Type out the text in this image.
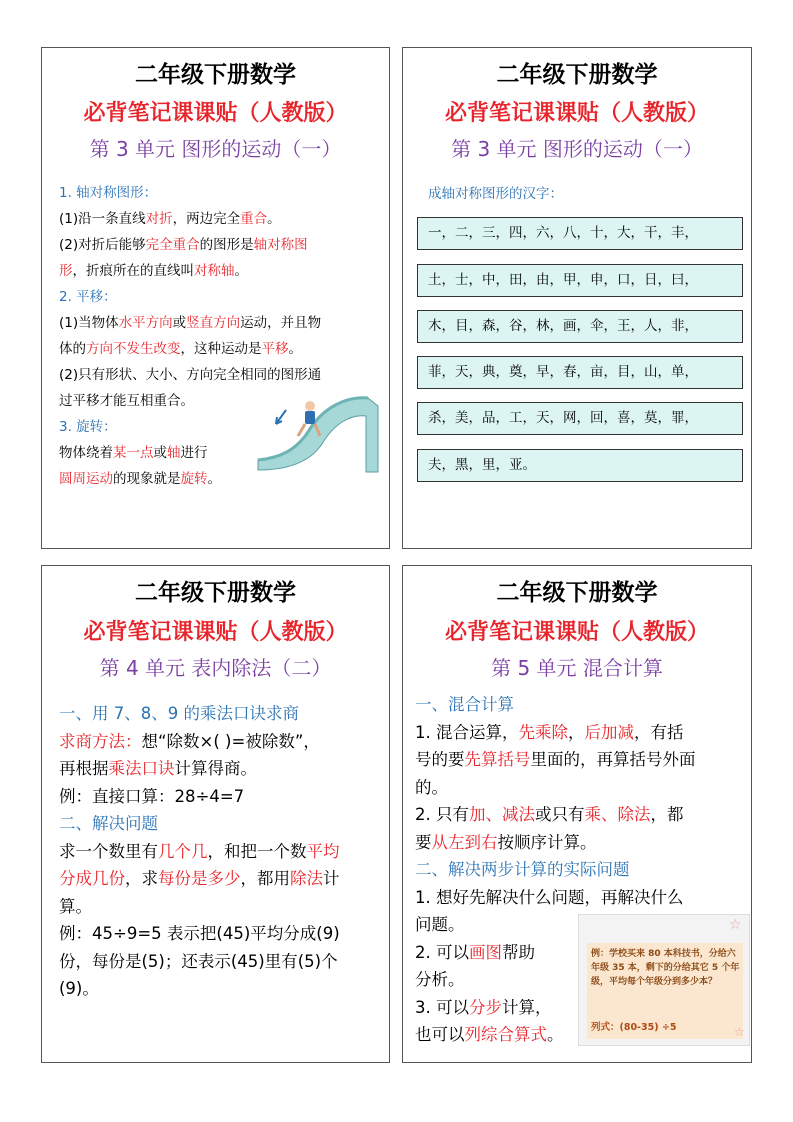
二年级下册数学
必背笔记课课贴（人教版）
第 3 单元 图形的运动（一）

1. 轴对称图形：

(1)沿一条直线对折，两边完全重合。

(2)对折后能够完全重合的图形是轴对称图

形，折痕所在的直线叫对称轴。

2. 平移：

(1)当物体水平方向或竖直方向运动，并且物

体的方向不发生改变，这种运动是平移。

(2)只有形状、大小、方向完全相同的图形通

过平移才能互相重合。

3. 旋转：

物体绕着某一点或轴进行

圆周运动的现象就是旋转。

二年级下册数学
必背笔记课课贴（人教版）
第 3 单元 图形的运动（一）
成轴对称图形的汉字：
一，二，三，四，六，八，十，大，干，丰，
土，士，中，田，由，甲，申，口，日，曰，
木，目，森，谷，林，画，伞，王，人，非，
菲，天，典，奠，早，春，亩，目，山，单，
杀，美，品，工，天，网，回，喜，莫，罪，
夫，黑，里，亚。
二年级下册数学
必背笔记课课贴（人教版）
第 4 单元 表内除法（二）

一、用 7、8、9 的乘法口诀求商

求商方法：想“除数×( )=被除数”，

再根据乘法口诀计算得商。

例：直接口算：28÷4=7

二、解决问题

求一个数里有几个几，和把一个数平均

分成几份，求每份是多少，都用除法计

算。

例：45÷9=5 表示把(45)平均分成(9)

份，每份是(5)；还表示(45)里有(5)个

(9)。

二年级下册数学
必背笔记课课贴（人教版）
第 5 单元 混合计算

一、混合计算

1. 混合运算，先乘除，后加减，有括

号的要先算括号里面的，再算括号外面

的。

2. 只有加、减法或只有乘、除法，都

要从左到右按顺序计算。

二、解决两步计算的实际问题

1. 想好先解决什么问题，再解决什么

问题。

2. 可以画图帮助

分析。

3. 可以分步计算，

也可以列综合算式。

例：学校买来 80 本科技书，分给六年级 35 本，剩下的分给其它 5 个年级，平均每个年级分到多少本？
列式：(80-35) ÷5
☆
☆
